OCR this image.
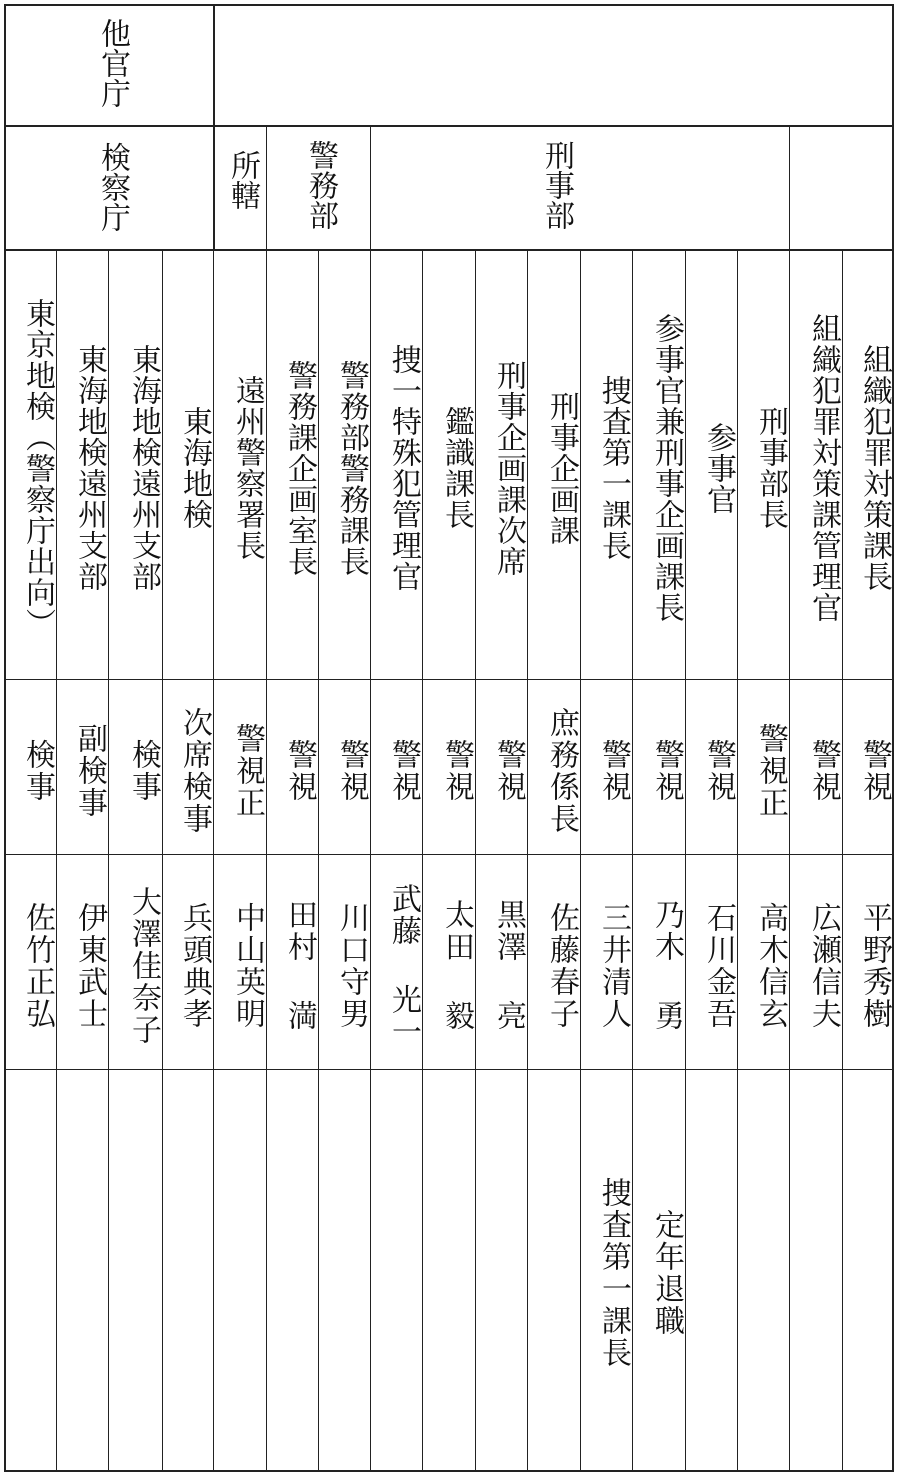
他官庁
検察庁	所轄 警務部	刑事部
組織犯罪対策課長
警視
平野秀樹
組織犯罪対策課管理官
警視
広瀬信夫
刑事部長
警視正
高木信玄
参事官
警視
石川金吾
参事官兼刑事企画課長
警視
乃木 勇
定年退職
捜査第一課長
警視
三井清人
捜査第一課長
刑事企画課
庶務係長
佐藤春子
刑事企画課次席
警視
黒澤 亮
鑑識課長
警視
太田 毅
捜一特殊犯管理官
警視
武藤 光一
警務部警務課長
警視
川口守男
警務課企画室長
警視
田村 満
遠州警察署長
警視正
中山英明
東海地検
次席検事
兵頭典孝
東海地検遠州支部
検事
大澤佳奈子
東海地検遠州支部
副検事
伊東武士
東京地検（警察庁出向）
検事
佐竹正弘
